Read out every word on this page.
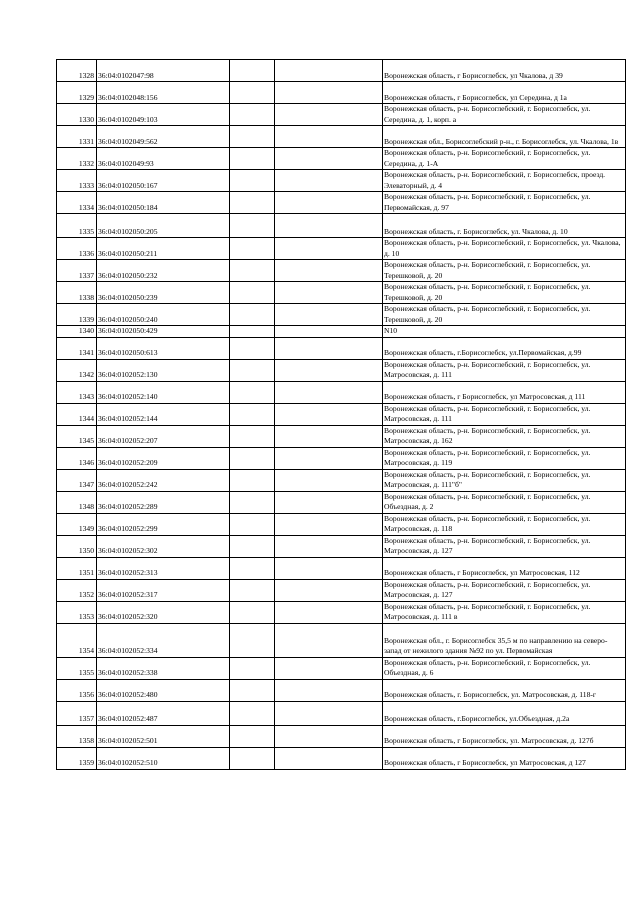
1328	36:04:0102047:98			Воронежская область, г Борисоглебск, ул Чкалова, д 39
1329	36:04:0102048:156			Воронежская область, г Борисоглебск, ул Середина, д 1а
1330	36:04:0102049:103			Воронежская область, р-н. Борисоглебский, г. Борисоглебск, ул. Середина, д. 1, корп. а
1331	36:04:0102049:562			Воронежская обл., Борисоглебский р-н., г. Борисоглебск, ул. Чкалова, 1в
1332	36:04:0102049:93			Воронежская область, р-н. Борисоглебский, г. Борисоглебск, ул. Середина, д. 1-А
1333	36:04:0102050:167			Воронежская область, р-н. Борисоглебский, г. Борисоглебск, проезд. Элеваторный, д. 4
1334	36:04:0102050:184			Воронежская область, р-н. Борисоглебский, г. Борисоглебск, ул. Первомайская, д. 97
1335	36:04:0102050:205			Воронежская область, г. Борисоглебск, ул. Чкалова, д. 10
1336	36:04:0102050:211			Воронежская область, р-н. Борисоглебский, г. Борисоглебск, ул. Чкалова, д. 10
1337	36:04:0102050:232			Воронежская область, р-н. Борисоглебский, г. Борисоглебск, ул. Терешковой, д. 20
1338	36:04:0102050:239			Воронежская область, р-н. Борисоглебский, г. Борисоглебск, ул. Терешковой, д. 20
1339	36:04:0102050:240			Воронежская область, р-н. Борисоглебский, г. Борисоглебск, ул. Терешковой, д. 20
1340	36:04:0102050:429			N10
1341	36:04:0102050:613			Воронежская область, г.Борисоглебск, ул.Первомайская, д.99
1342	36:04:0102052:130			Воронежская область, р-н. Борисоглебский, г. Борисоглебск, ул. Матросовская, д. 111
1343	36:04:0102052:140			Воронежская область, г Борисоглебск, ул Матросовская, д 111
1344	36:04:0102052:144			Воронежская область, р-н. Борисоглебский, г. Борисоглебск, ул. Матросовская, д. 111
1345	36:04:0102052:207			Воронежская область, р-н. Борисоглебский, г. Борисоглебск, ул. Матросовская, д. 162
1346	36:04:0102052:209			Воронежская область, р-н. Борисоглебский, г. Борисоглебск, ул. Матросовская, д. 119
1347	36:04:0102052:242			Воронежская область, р-н. Борисоглебский, г. Борисоглебск, ул. Матросовская, д. 111"б"
1348	36:04:0102052:289			Воронежская область, р-н. Борисоглебский, г. Борисоглебск, ул. Объездная, д. 2
1349	36:04:0102052:299			Воронежская область, р-н. Борисоглебский, г. Борисоглебск, ул. Матросовская, д. 118
1350	36:04:0102052:302			Воронежская область, р-н. Борисоглебский, г. Борисоглебск, ул. Матросовская, д. 127
1351	36:04:0102052:313			Воронежская область, г Борисоглебск, ул Матросовская, 112
1352	36:04:0102052:317			Воронежская область, р-н. Борисоглебский, г. Борисоглебск, ул. Матросовская, д. 127
1353	36:04:0102052:320			Воронежская область, р-н. Борисоглебский, г. Борисоглебск, ул. Матросовская, д. 111 в
1354	36:04:0102052:334			Воронежская обл., г. Борисоглебск 35,5 м по направлению на северо-запад от нежилого здания №92 по ул. Первомайская
1355	36:04:0102052:338			Воронежская область, р-н. Борисоглебский, г. Борисоглебск, ул. Объездная, д. 6
1356	36:04:0102052:480			Воронежская область, г. Борисоглебск, ул. Матросовская, д. 118-г
1357	36:04:0102052:487			Воронежская область, г.Борисоглебск, ул.Объездная, д.2а
1358	36:04:0102052:501			Воронежская область, г Борисоглебск, ул. Матросовская, д. 127б
1359	36:04:0102052:510			Воронежская область, г Борисоглебск, ул Матросовская, д 127
